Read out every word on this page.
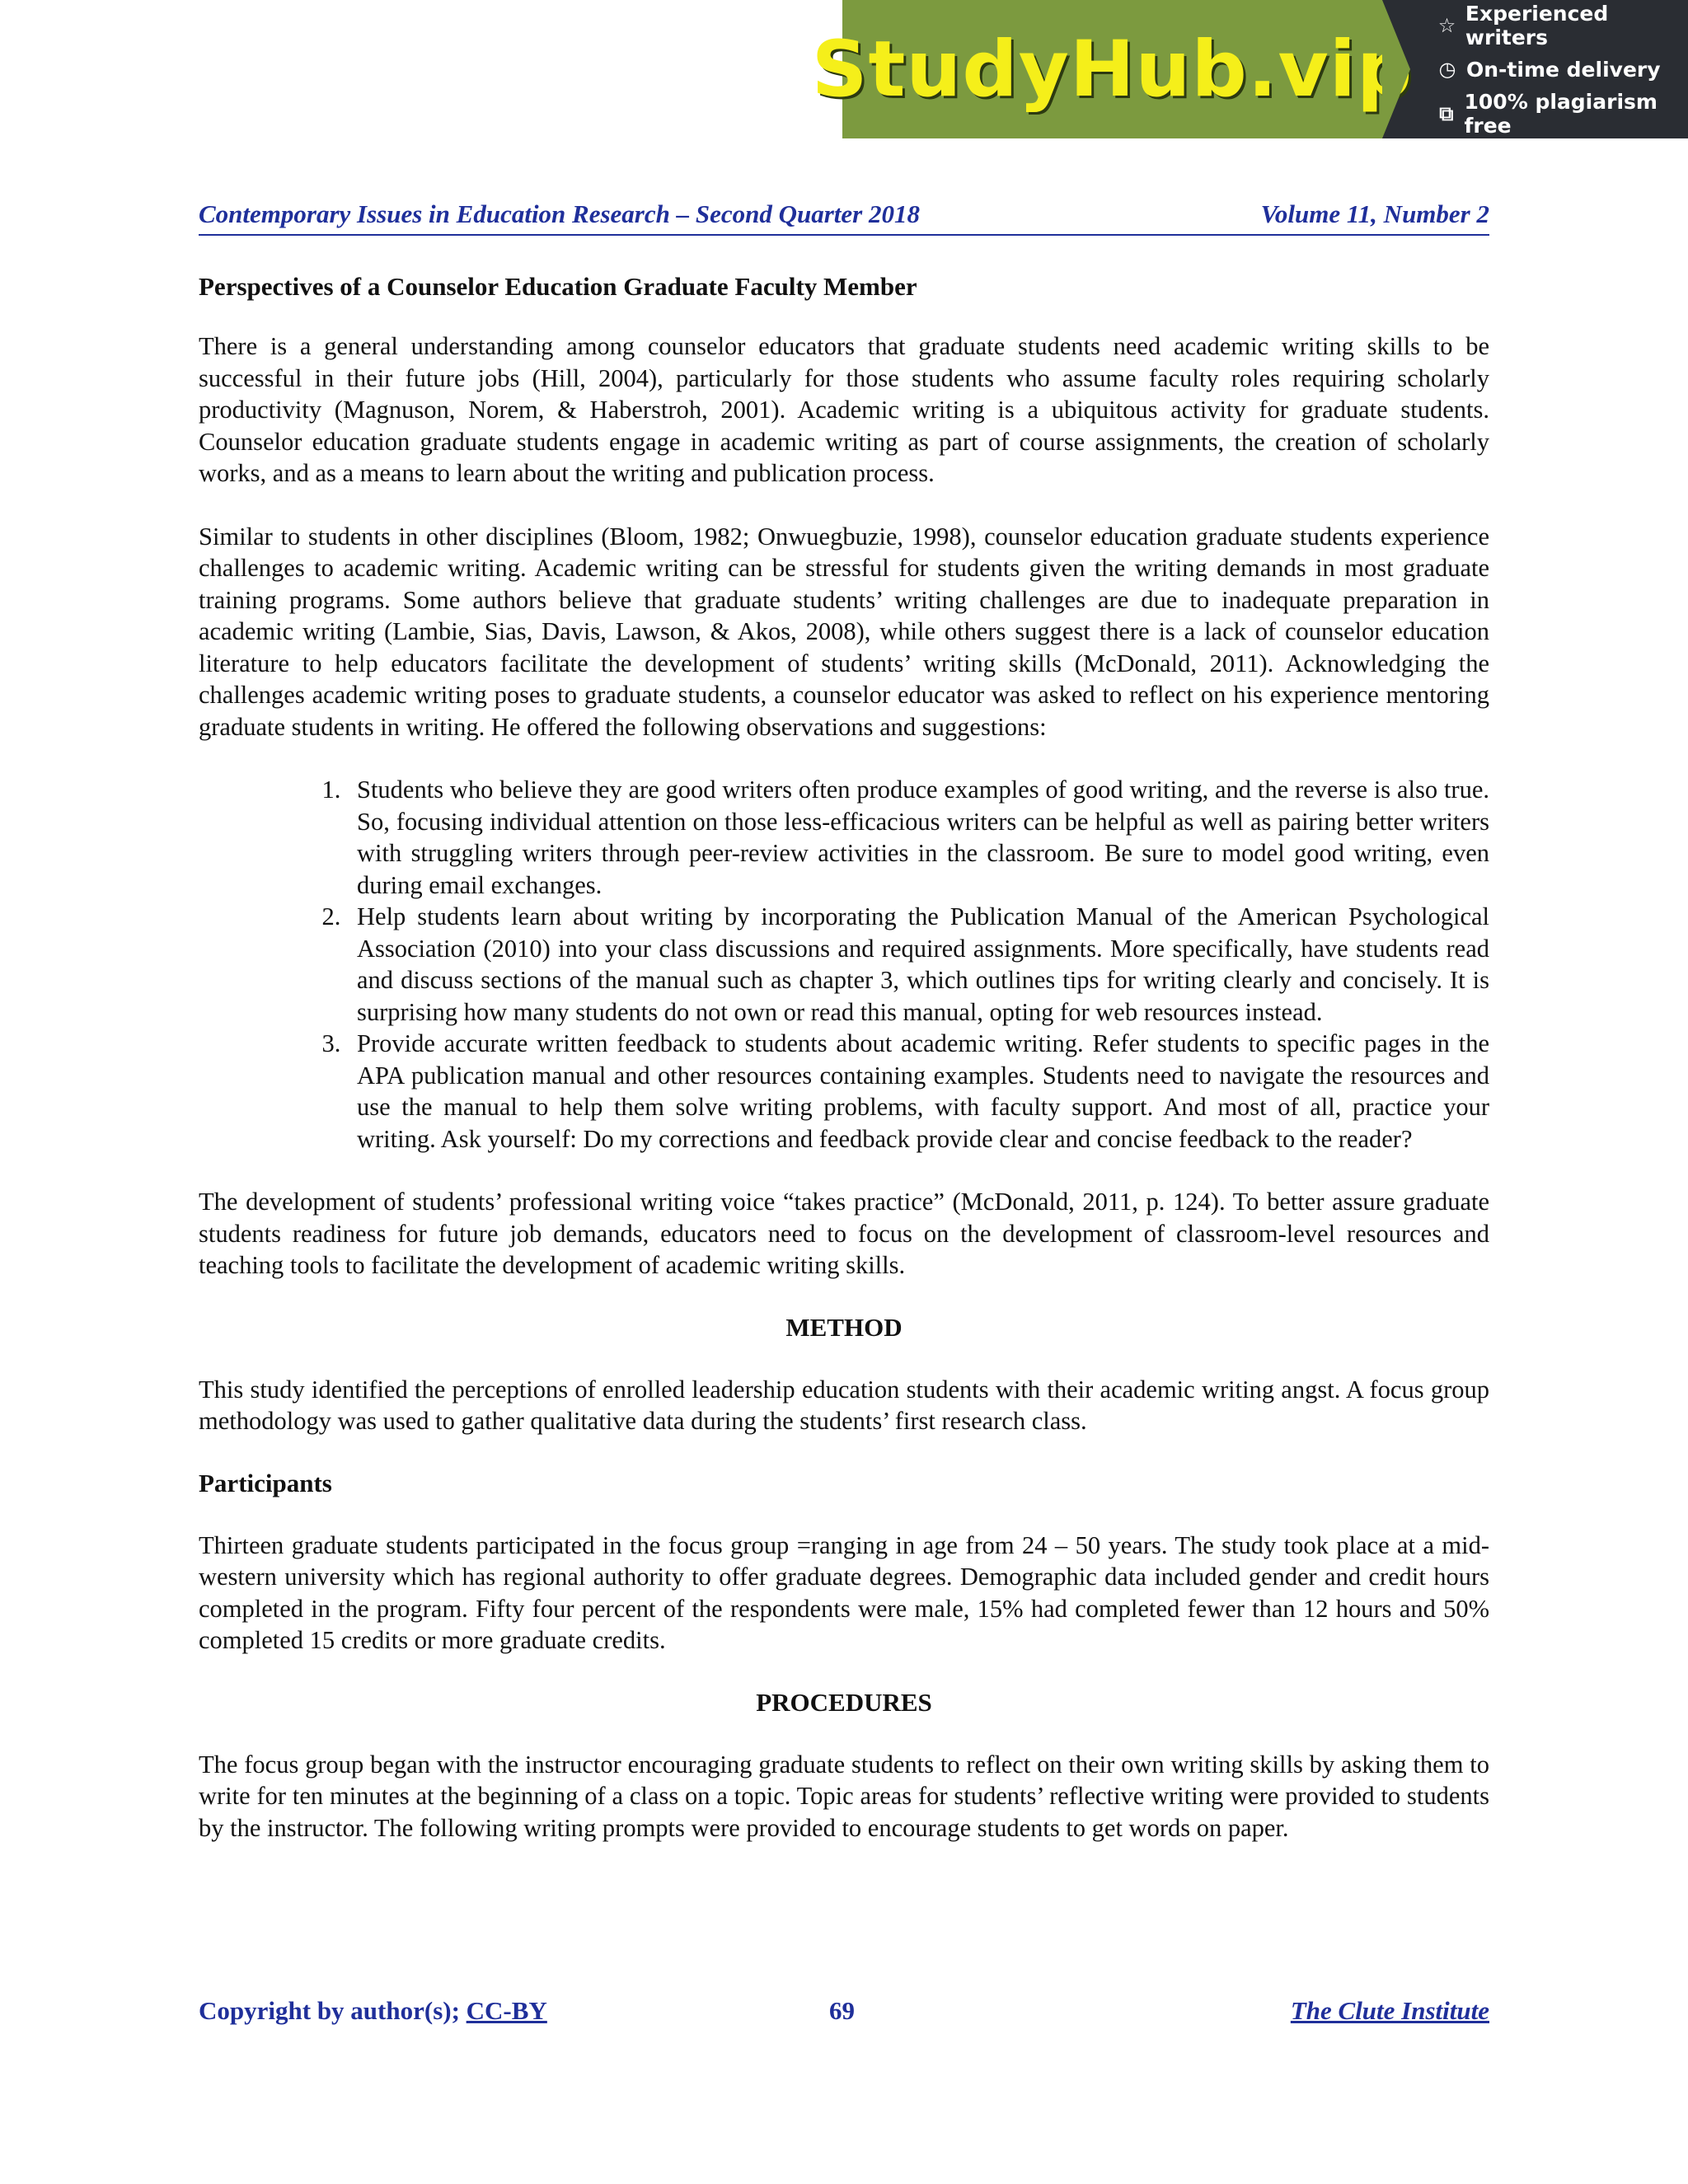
StudyHub.vip ☆ Experienced writers
◷ On-time delivery
⧉ 100% plagiarism free
Contemporary Issues in Education Research – Second Quarter 2018	Volume 11, Number 2
Perspectives of a Counselor Education Graduate Faculty Member

There is a general understanding among counselor educators that graduate students need academic writing skills to be successful in their future jobs (Hill, 2004), particularly for those students who assume faculty roles requiring scholarly productivity (Magnuson, Norem, & Haberstroh, 2001). Academic writing is a ubiquitous activity for graduate students. Counselor education graduate students engage in academic writing as part of course assignments, the creation of scholarly works, and as a means to learn about the writing and publication process.

Similar to students in other disciplines (Bloom, 1982; Onwuegbuzie, 1998), counselor education graduate students experience challenges to academic writing. Academic writing can be stressful for students given the writing demands in most graduate training programs. Some authors believe that graduate students’ writing challenges are due to inadequate preparation in academic writing (Lambie, Sias, Davis, Lawson, & Akos, 2008), while others suggest there is a lack of counselor education literature to help educators facilitate the development of students’ writing skills (McDonald, 2011). Acknowledging the challenges academic writing poses to graduate students, a counselor educator was asked to reflect on his experience mentoring graduate students in writing. He offered the following observations and suggestions:

1. Students who believe they are good writers often produce examples of good writing, and the reverse is also true. So, focusing individual attention on those less-efficacious writers can be helpful as well as pairing better writers with struggling writers through peer-review activities in the classroom. Be sure to model good writing, even during email exchanges.
2. Help students learn about writing by incorporating the Publication Manual of the American Psychological Association (2010) into your class discussions and required assignments. More specifically, have students read and discuss sections of the manual such as chapter 3, which outlines tips for writing clearly and concisely. It is surprising how many students do not own or read this manual, opting for web resources instead.
3. Provide accurate written feedback to students about academic writing. Refer students to specific pages in the APA publication manual and other resources containing examples. Students need to navigate the resources and use the manual to help them solve writing problems, with faculty support. And most of all, practice your writing. Ask yourself: Do my corrections and feedback provide clear and concise feedback to the reader?

The development of students’ professional writing voice “takes practice” (McDonald, 2011, p. 124). To better assure graduate students readiness for future job demands, educators need to focus on the development of classroom-level resources and teaching tools to facilitate the development of academic writing skills.

METHOD

This study identified the perceptions of enrolled leadership education students with their academic writing angst. A focus group methodology was used to gather qualitative data during the students’ first research class.

Participants

Thirteen graduate students participated in the focus group =ranging in age from 24 – 50 years. The study took place at a mid-western university which has regional authority to offer graduate degrees. Demographic data included gender and credit hours completed in the program. Fifty four percent of the respondents were male, 15% had completed fewer than 12 hours and 50% completed 15 credits or more graduate credits.

PROCEDURES

The focus group began with the instructor encouraging graduate students to reflect on their own writing skills by asking them to write for ten minutes at the beginning of a class on a topic. Topic areas for students’ reflective writing were provided to students by the instructor. The following writing prompts were provided to encourage students to get words on paper.

Copyright by author(s); CC-BY	69	The Clute Institute
